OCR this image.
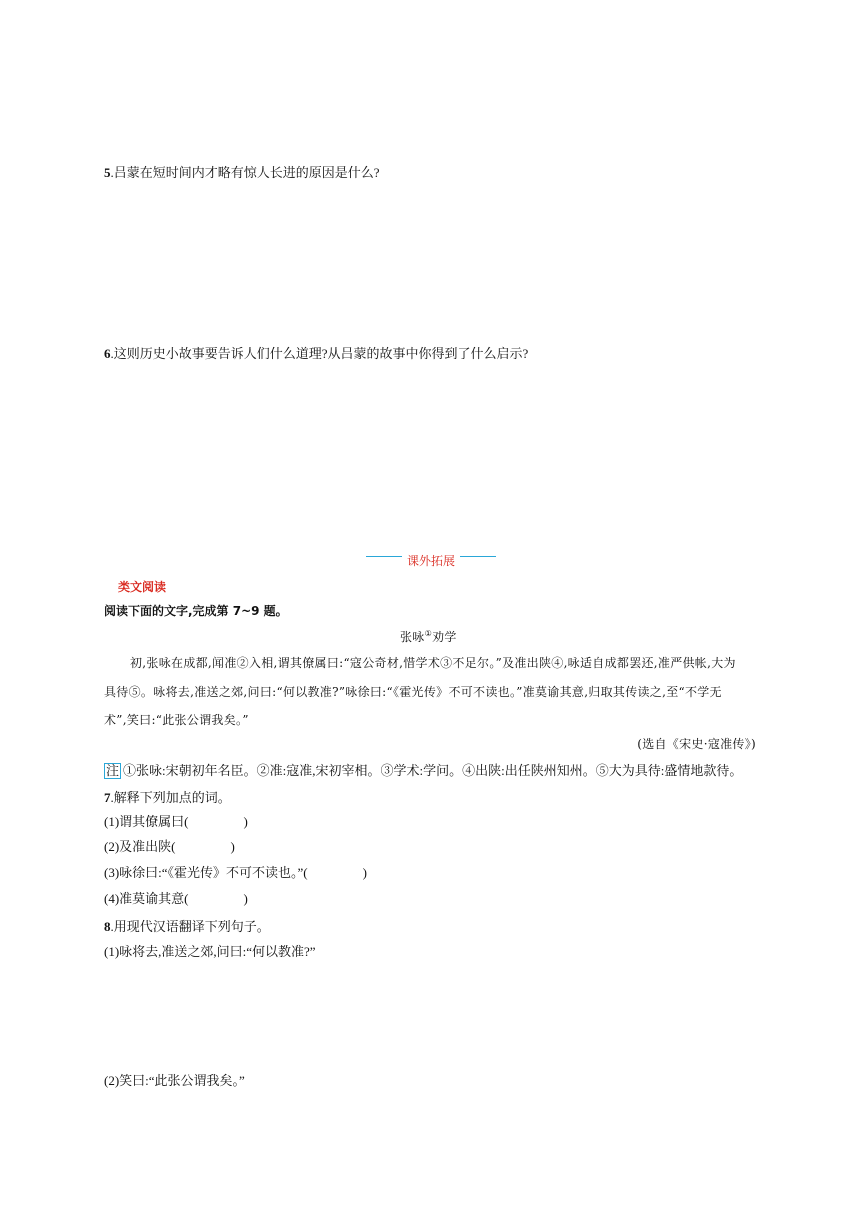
5.吕蒙在短时间内才略有惊人长进的原因是什么?
6.这则历史小故事要告诉人们什么道理?从吕蒙的故事中你得到了什么启示?
课外拓展
类文阅读
阅读下面的文字,完成第 7~9 题。
张咏①劝学
初,张咏在成都,闻准②入相,谓其僚属曰:“寇公奇材,惜学术③不足尔。”及准出陕④,咏适自成都罢还,准严供帐,大为
具待⑤。咏将去,准送之郊,问曰:“何以教准?”咏徐曰:“《霍光传》不可不读也。”准莫谕其意,归取其传读之,至“不学无
术”,笑曰:“此张公谓我矣。”
(选自《宋史·寇准传》)
注 ①张咏:宋朝初年名臣。②准:寇准,宋初宰相。③学术:学问。④出陕:出任陕州知州。⑤大为具待:盛情地款待。
7.解释下列加点的词。
(1)谓其僚属曰(	)
(2)及准出陕(	)
(3)咏徐曰:“《霍光传》不可不读也。”(	)
(4)准莫谕其意(	)
8.用现代汉语翻译下列句子。
(1)咏将去,准送之郊,问曰:“何以教准?”
(2)笑曰:“此张公谓我矣。”
